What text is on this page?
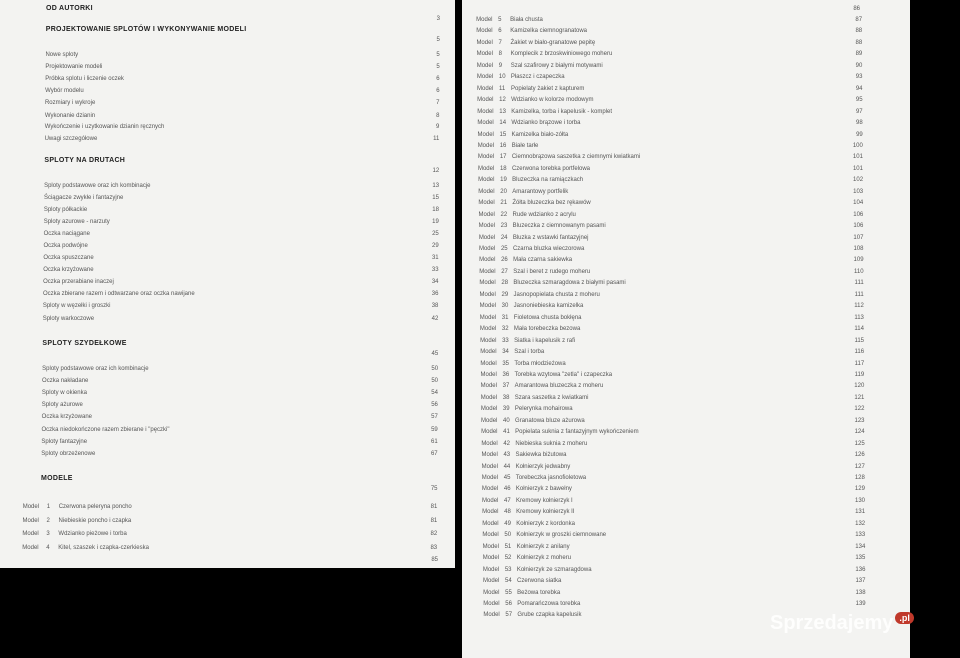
OD AUTORKI
3
PROJEKTOWANIE SPLOTÓW I WYKONYWANIE MODELI
5
Nowe sploty	5
Projektowanie modeli	5
Próbka splotu i liczenie oczek	6
Wybór modelu	6
Rozmiary i wykroje	7
Wykonanie dzianin	8
Wykończenie i uzytkowanie dzianin ręcznych	9
Uwagi szczegółowe	11
SPLOTY NA DRUTACH
12
Sploty podstawowe oraz ich kombinacje	13
Ściągacze zwykłe i fantazyjne	15
Sploty półkackie	18
Sploty azurowe - narzuty	19
Oczka naciągane	25
Oczka podwójne	29
Oczka spuszczane	31
Oczka krzyżowane	33
Oczka przerabiane inaczej	34
Oczka zbierane razem i odtwarzane oraz oczka nawijane	36
Sploty w węzełki i groszki	38
Sploty warkoczowe	42
SPLOTY SZYDEŁKOWE
45
Sploty podstawowe oraz ich kombinacje	50
Oczka nakładane	50
Sploty w okienka	54
Sploty ażurowe	56
Oczka krzyżowane	57
Oczka niedokończone razem zbierane i "pęczki"	59
Sploty fantazyjne	61
Sploty obrzeżenowe	67
MODELE
75
Model 1 Czerwona peleryna poncho	81
Model 2 Niebieskie poncho i czapka	81
Model 3 Wdzianko pieżowe i torba	82
Model 4 Kitel, szaszek i czapka-czerkieska	83
85
86
Model 5 Biała chusta	87
Model 6 Kamizelka ciemnogranatowa	88
Model 7 Żakiet w biało-granatowe pepitę	88
Model 8 Komplecik z brzoskwiniowego moheru	89
Model 9 Szal szafirowy z białymi motywami	90
Model 10 Płaszcz i czapeczka	93
Model 11 Popielaty żakiet z kapturem	94
Model 12 Wdzianko w kolorze modowym	95
Model 13 Kamizelka, torba i kapelusik - komplet	97
Model 14 Wdzianko brązowe i torba	98
Model 15 Kamizelka biało-zółta	99
Model 16 Białe tarłe	100
Model 17 Ciemnobrązowa saszetka z ciemnymi kwiatkami	101
Model 18 Czerwona torebka portfelowa	101
Model 19 Bluzeczka na ramiączkach	102
Model 20 Amarantowy portfelik	103
Model 21 Żółta bluzeczka bez rękawów	104
Model 22 Rude wdzianko z acrylu	106
Model 23 Bluzeczka z ciemnowanym pasami	106
Model 24 Bluzka z wstawki fantazyjnej	107
Model 25 Czarna bluzka wieczorowa	108
Model 26 Mała czarna sakiewka	109
Model 27 Szal i beret z rudego moheru	110
Model 28 Bluzeczka szmaragdowa z białymi pasami	111
Model 29 Jasnopopielata chusta z moheru	111
Model 30 Jasnoniebieska kamizelka	112
Model 31 Fioletowa chusta bokłęna	113
Model 32 Mała torebeczka bezowa	114
Model 33 Siatka i kapelusik z rafi	115
Model 34 Szal i torba	116
Model 35 Torba młodzieżowa	117
Model 36 Torebka wzytowa "zetla" i czapeczka	119
Model 37 Amarantowa bluzeczka z moheru	120
Model 38 Szara saszetka z kwiatkami	121
Model 39 Pelerynka mohairowa	122
Model 40 Granatowa bluze ażurowa	123
Model 41 Popielata suknia z fantazyjnym wykończeniem	124
Model 42 Niebieska suknia z moheru	125
Model 43 Sakiewka biżutowa	126
Model 44 Kołnierzyk jedwabny	127
Model 45 Torebeczka jasnofioletowa	128
Model 46 Kołnierzyk z bawełny	129
Model 47 Kremowy kołnierzyk I	130
Model 48 Kremowy kołnierzyk II	131
Model 49 Kołnierzyk z kordonka	132
Model 50 Kołnierzyk w groszki ciemnowane	133
Model 51 Kołnierzyk z anilany	134
Model 52 Kołnierzyk z moheru	135
Model 53 Kołnierzyk ze szmaragdowa	136
Model 54 Czerwona siatka	137
Model 55 Beżowa torebka	138
Model 56 Pomarańczowa torebka	139
Model 57 Grube czapka kapelusik	Sprzedajemy .pl
